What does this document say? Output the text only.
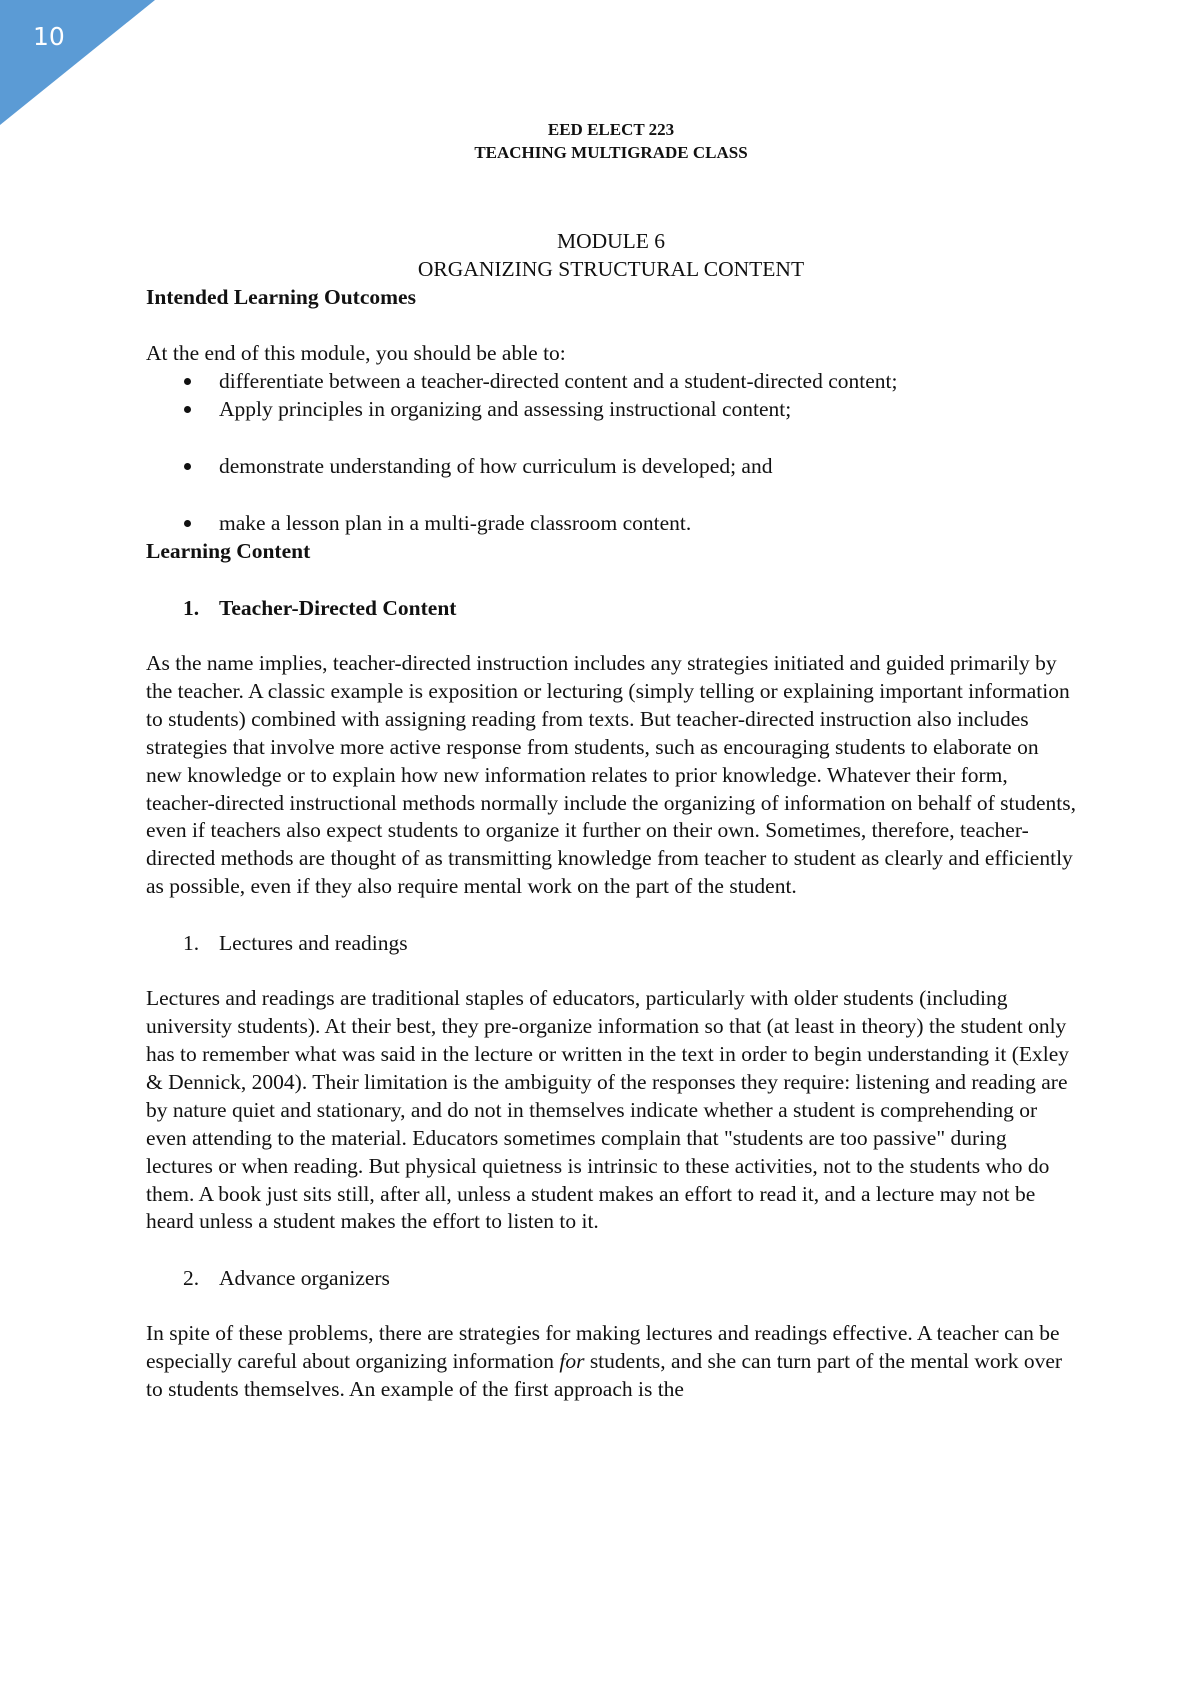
10

EED ELECT 223

TEACHING MULTIGRADE CLASS

MODULE 6
ORGANIZING STRUCTURAL CONTENT
Intended Learning Outcomes

At the end of this module, you should be able to:

differentiate between a teacher-directed content and a student-directed content;
Apply principles in organizing and assessing instructional content;
demonstrate understanding of how curriculum is developed; and
make a lesson plan in a multi-grade classroom content.
Learning Content
1. Teacher-Directed Content

As the name implies, teacher-directed instruction includes any strategies initiated and guided primarily by the teacher. A classic example is exposition or lecturing (simply telling or explaining important information to students) combined with assigning reading from texts. But teacher-directed instruction also includes strategies that involve more active response from students, such as encouraging students to elaborate on new knowledge or to explain how new information relates to prior knowledge. Whatever their form, teacher-directed instructional methods normally include the organizing of information on behalf of students, even if teachers also expect students to organize it further on their own. Sometimes, therefore, teacher-directed methods are thought of as transmitting knowledge from teacher to student as clearly and efficiently as possible, even if they also require mental work on the part of the student.

1. Lectures and readings

Lectures and readings are traditional staples of educators, particularly with older students (including university students). At their best, they pre-organize information so that (at least in theory) the student only has to remember what was said in the lecture or written in the text in order to begin understanding it (Exley & Dennick, 2004). Their limitation is the ambiguity of the responses they require: listening and reading are by nature quiet and stationary, and do not in themselves indicate whether a student is comprehending or even attending to the material. Educators sometimes complain that "students are too passive" during lectures or when reading. But physical quietness is intrinsic to these activities, not to the students who do them. A book just sits still, after all, unless a student makes an effort to read it, and a lecture may not be heard unless a student makes the effort to listen to it.

2. Advance organizers

In spite of these problems, there are strategies for making lectures and readings effective. A teacher can be especially careful about organizing information for students, and she can turn part of the mental work over to students themselves. An example of the first approach is the
